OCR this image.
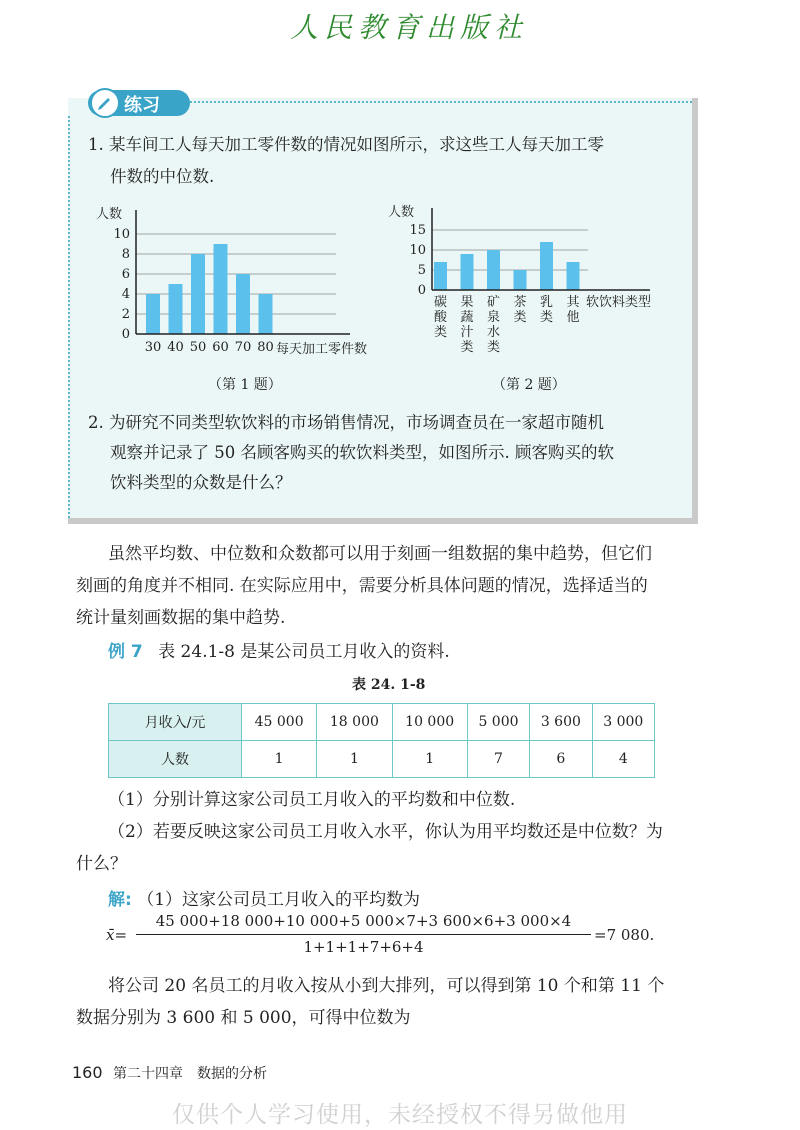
人民教育出版社
练习
1. 某车间工人每天加工零件数的情况如图所示，求这些工人每天加工零
件数的中位数.
人数
0
2
4
6
8
10
30 40 50 60 70 80 每天加工零件数
人数
0
5
10
15
碳
酸
类
果
蔬
汁
类
矿
泉
水
类
茶
类
乳
类
其
他
软饮料类型
（第 1 题）	（第 2 题）
2. 为研究不同类型软饮料的市场销售情况，市场调查员在一家超市随机
观察并记录了 50 名顾客购买的软饮料类型，如图所示. 顾客购买的软
饮料类型的众数是什么？
虽然平均数、中位数和众数都可以用于刻画一组数据的集中趋势，但它们
刻画的角度并不相同. 在实际应用中，需要分析具体问题的情况，选择适当的
统计量刻画数据的集中趋势.
例 7 表 24.1-8 是某公司员工月收入的资料.
表 24. 1-8
月收入/元	45 000	18 000	10 000	5 000	3 600	3 000
人数	1	1	1	7	6	4
（1）分别计算这家公司员工月收入的平均数和中位数.
（2）若要反映这家公司员工月收入水平，你认为用平均数还是中位数？为
什么？
解: （1）这家公司员工月收入的平均数为
x̄=
45 000+18 000+10 000+5 000×7+3 600×6+3 000×4
1+1+1+7+6+4
=7 080.
将公司 20 名员工的月收入按从小到大排列，可以得到第 10 个和第 11 个
数据分别为 3 600 和 5 000，可得中位数为
160 第二十四章　数据的分析
仅供个人学习使用，未经授权不得另做他用
